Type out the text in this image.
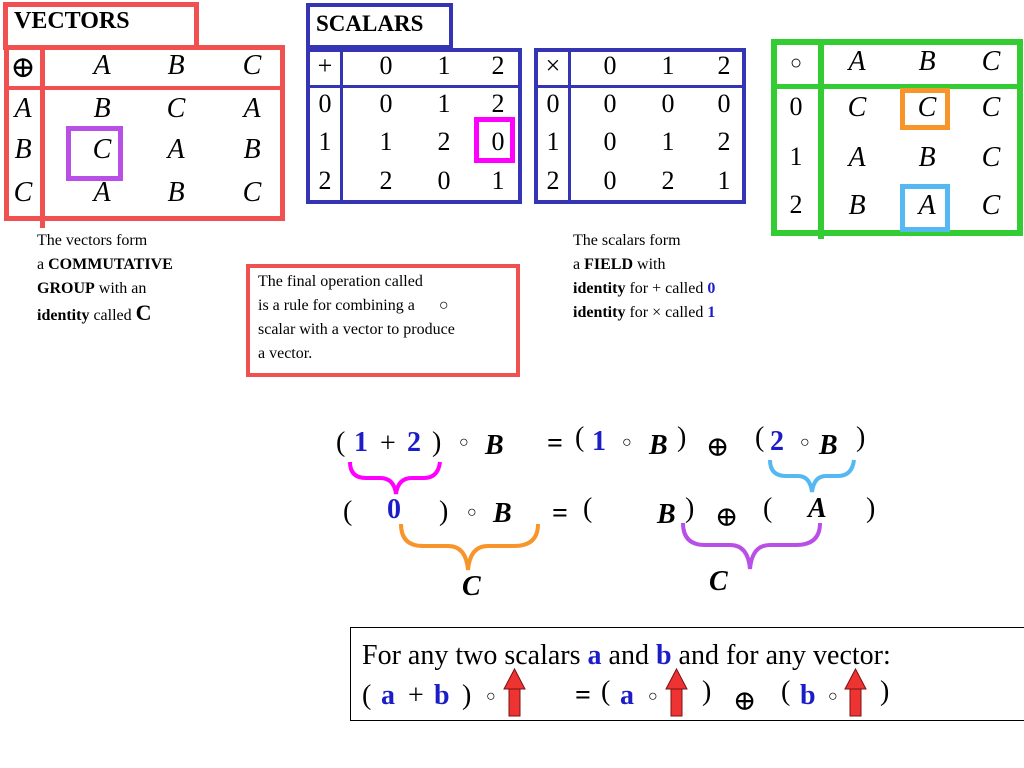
VECTORS	SCALARS
⊕	A	B	C
A	B	C	A
B	C	A	B
C	A	B	C
+	0	1	2
0	0	1	2
1	1	2	0
2	2	0	1
×	0	1	2
0	0	0	0
1	0	1	2
2	0	2	1
○	A	B	C
0	C	C	C
1	A	B	C
2	B	A	C
The vectors form
a COMMUTATIVE
GROUP with an
identity called C
The final operation called
is a rule for combining a ○
scalar with a vector to produce
a vector.
The scalars form
a FIELD with
identity for + called 0
identity for × called 1
( 1 + 2 ) ○ B = ( 1 ○ B ) ⊕ ( 2 ○ B )
( 0 ) ○ B = ( B ) ⊕ ( A )
C	C
For any two scalars a and b and for any vector:
( a + b ) ○	= ( a ○ ) ⊕ ( b ○ )
